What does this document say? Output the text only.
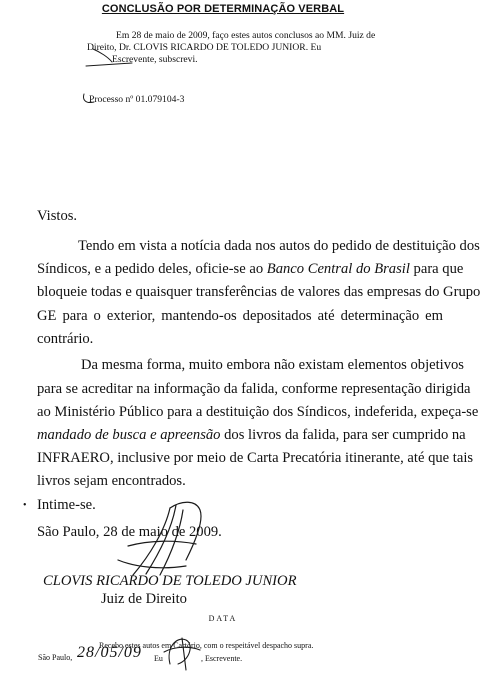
CONCLUSÃO POR DETERMINAÇÃO VERBAL
Em 28 de maio de 2009, faço estes autos conclusos ao MM. Juiz de
Direito, Dr. CLOVIS RICARDO DE TOLEDO JUNIOR. Eu
Escrevente, subscrevi.
Processo nº 01.079104-3
Vistos.
Tendo em vista a notícia dada nos autos do pedido de destituição dos
Síndicos, e a pedido deles, oficie-se ao Banco Central do Brasil para que
bloqueie todas e quaisquer transferências de valores das empresas do Grupo
GE para o exterior, mantendo-os depositados até determinação em
contrário.
Da mesma forma, muito embora não existam elementos objetivos
para se acreditar na informação da falida, conforme representação dirigida
ao Ministério Público para a destituição dos Síndicos, indeferida, expeça-se
mandado de busca e apreensão dos livros da falida, para ser cumprido na
INFRAERO, inclusive por meio de Carta Precatória itinerante, até que tais
livros sejam encontrados.
• Intime-se.
São Paulo, 28 de maio de 2009.
CLOVIS RICARDO DE TOLEDO JUNIOR
Juiz de Direito
DATA
Recebo estes autos em Cartório, com o respeitável despacho supra.
São Paulo, 28/05/09 Eu	, Escrevente.
